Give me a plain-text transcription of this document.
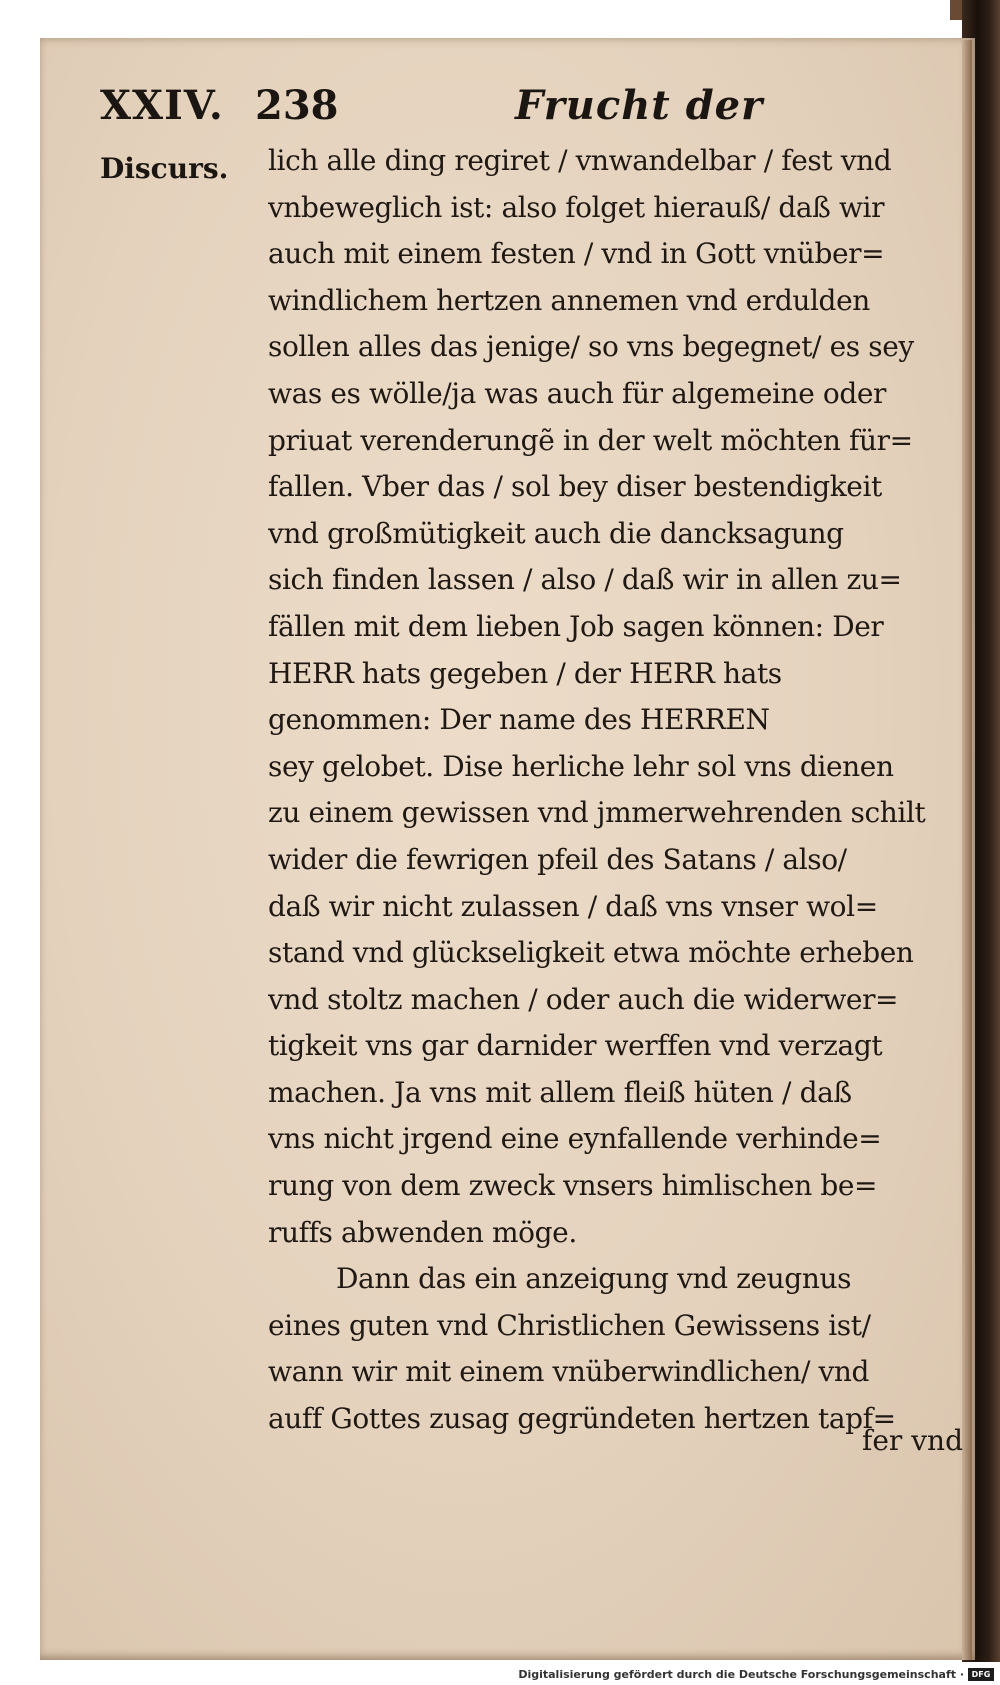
XXIV. 238	Frucht der
Discurs. lich alle ding regiret / vnwandelbar / fest vnd
vnbeweglich ist: also folget hierauß/ daß wir
auch mit einem festen / vnd in Gott vnüber=
windlichem hertzen annemen vnd erdulden
sollen alles das jenige/ so vns begegnet/ es sey
was es wölle/ja was auch für algemeine oder
priuat verenderungẽ in der welt möchten für=
fallen. Vber das / sol bey diser bestendigkeit
vnd großmütigkeit auch die dancksagung
sich finden lassen / also / daß wir in allen zu=
fällen mit dem lieben Job sagen können: Der
HERR hats gegeben / der HERR hats
genommen: Der name des HERREN
sey gelobet. Dise herliche lehr sol vns dienen
zu einem gewissen vnd jmmerwehrenden schilt
wider die fewrigen pfeil des Satans / also/
daß wir nicht zulassen / daß vns vnser wol=
stand vnd glückseligkeit etwa möchte erheben
vnd stoltz machen / oder auch die widerwer=
tigkeit vns gar darnider werffen vnd verzagt
machen. Ja vns mit allem fleiß hüten / daß
vns nicht jrgend eine eynfallende verhinde=
rung von dem zweck vnsers himlischen be=
ruffs abwenden möge.
Dann das ein anzeigung vnd zeugnus
eines guten vnd Christlichen Gewissens ist/
wann wir mit einem vnüberwindlichen/ vnd
auff Gottes zusag gegründeten hertzen tapf=
fer vnd
Digitalisierung gefördert durch die Deutsche Forschungsgemeinschaft · DFG
